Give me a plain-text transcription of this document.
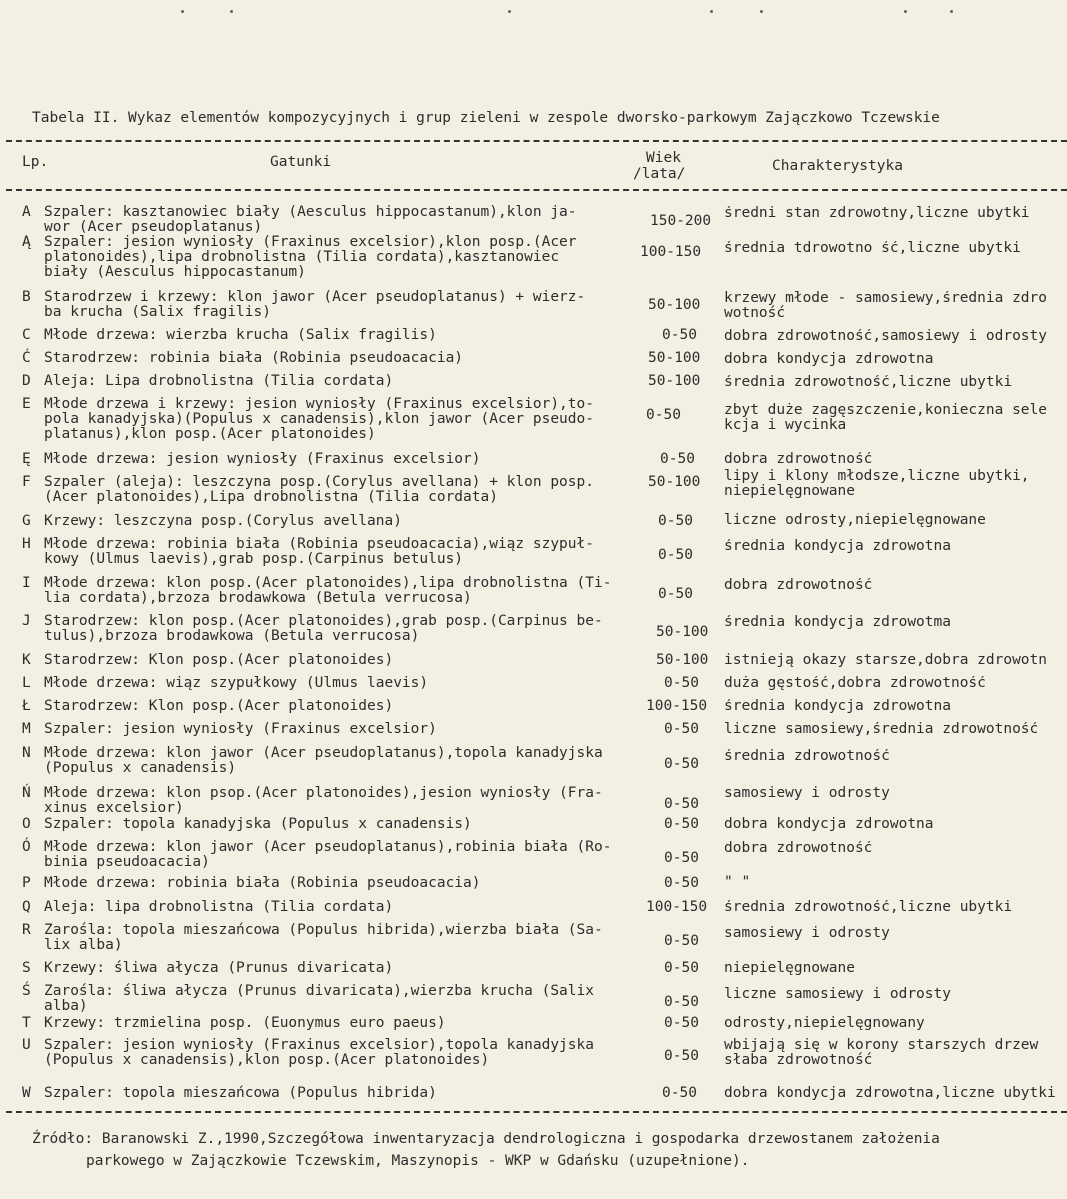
Tabela II. Wykaz elementów kompozycyjnych i grup zieleni w zespole dworsko-parkowym Zajączkowo Tczewskie
Lp.	Gatunki	Wiek
/lata/	Charakterystyka
A Szpaler: kasztanowiec biały (Aesculus hippocastanum),klon ja-
wor (Acer pseudoplatanus)	150-200 średni stan zdrowotny,liczne ubytki
Ą Szpaler: jesion wyniosły (Fraxinus excelsior),klon posp.(Acer
platonoides),lipa drobnolistna (Tilia cordata),kasztanowiec
biały (Aesculus hippocastanum)
100-150 średnia tdrowotno ść,liczne ubytki
B Starodrzew i krzewy: klon jawor (Acer pseudoplatanus) + wierz-
ba krucha (Salix fragilis)	50-100 krzewy młode - samosiewy,średnia zdro
wotność
C Młode drzewa: wierzba krucha (Salix fragilis)	0-50 dobra zdrowotność,samosiewy i odrosty
Ć Starodrzew: robinia biała (Robinia pseudoacacia)	50-100 dobra kondycja zdrowotna
D Aleja: Lipa drobnolistna (Tilia cordata)	50-100 średnia zdrowotność,liczne ubytki
E Młode drzewa i krzewy: jesion wyniosły (Fraxinus excelsior),to-
pola kanadyjska)(Populus x canadensis),klon jawor (Acer pseudo-
platanus),klon posp.(Acer platonoides)
0-50	zbyt duże zagęszczenie,konieczna sele
kcja i wycinka
Ę Młode drzewa: jesion wyniosły (Fraxinus excelsior)	0-50 dobra zdrowotność
F Szpaler (aleja): leszczyna posp.(Corylus avellana) + klon posp.
(Acer platonoides),Lipa drobnolistna (Tilia cordata)
50-100 lipy i klony młodsze,liczne ubytki,
niepielęgnowane
G Krzewy: leszczyna posp.(Corylus avellana)	0-50 liczne odrosty,niepielęgnowane
H Młode drzewa: robinia biała (Robinia pseudoacacia),wiąz szypuł-
kowy (Ulmus laevis),grab posp.(Carpinus betulus)	0-50
średnia kondycja zdrowotna
I Młode drzewa: klon posp.(Acer platonoides),lipa drobnolistna (Ti-
lia cordata),brzoza brodawkowa (Betula verrucosa)	0-50
dobra zdrowotność
J Starodrzew: klon posp.(Acer platonoides),grab posp.(Carpinus be-
tulus),brzoza brodawkowa (Betula verrucosa)	50-100
średnia kondycja zdrowotma
K Starodrzew: Klon posp.(Acer platonoides)	50-100 istnieją okazy starsze,dobra zdrowotn
L Młode drzewa: wiąz szypułkowy (Ulmus laevis)	0-50 duża gęstość,dobra zdrowotność
Ł Starodrzew: Klon posp.(Acer platonoides)	100-150 średnia kondycja zdrowotna
M Szpaler: jesion wyniosły (Fraxinus excelsior)	0-50 liczne samosiewy,średnia zdrowotność
N Młode drzewa: klon jawor (Acer pseudoplatanus),topola kanadyjska
(Populus x canadensis)	0-50 średnia zdrowotność
Ń Młode drzewa: klon psop.(Acer platonoides),jesion wyniosły (Fra-
xinus excelsior)	0-50
samosiewy i odrosty
O Szpaler: topola kanadyjska (Populus x canadensis)	0-50 dobra kondycja zdrowotna
Ó Młode drzewa: klon jawor (Acer pseudoplatanus),robinia biała (Ro-
binia pseudoacacia)	0-50
dobra zdrowotność
P Młode drzewa: robinia biała (Robinia pseudoacacia)	0-50 " "
Q Aleja: lipa drobnolistna (Tilia cordata)	100-150 średnia zdrowotność,liczne ubytki
R Zarośla: topola mieszańcowa (Populus hibrida),wierzba biała (Sa-
lix alba)	0-50 samosiewy i odrosty
S Krzewy: śliwa ałycza (Prunus divaricata)	0-50 niepielęgnowane
Ś Zarośla: śliwa ałycza (Prunus divaricata),wierzba krucha (Salix
alba)	0-50 liczne samosiewy i odrosty
T Krzewy: trzmielina posp. (Euonymus euro paeus)	0-50 odrosty,niepielęgnowany
U Szpaler: jesion wyniosły (Fraxinus excelsior),topola kanadyjska
(Populus x canadensis),klon posp.(Acer platonoides)	0-50
wbijają się w korony starszych drzew
słaba zdrowotność
W Szpaler: topola mieszańcowa (Populus hibrida)	0-50 dobra kondycja zdrowotna,liczne ubytki
Źródło: Baranowski Z.,1990,Szczegółowa inwentaryzacja dendrologiczna i gospodarka drzewostanem założenia
parkowego w Zajączkowie Tczewskim, Maszynopis - WKP w Gdańsku (uzupełnione).
